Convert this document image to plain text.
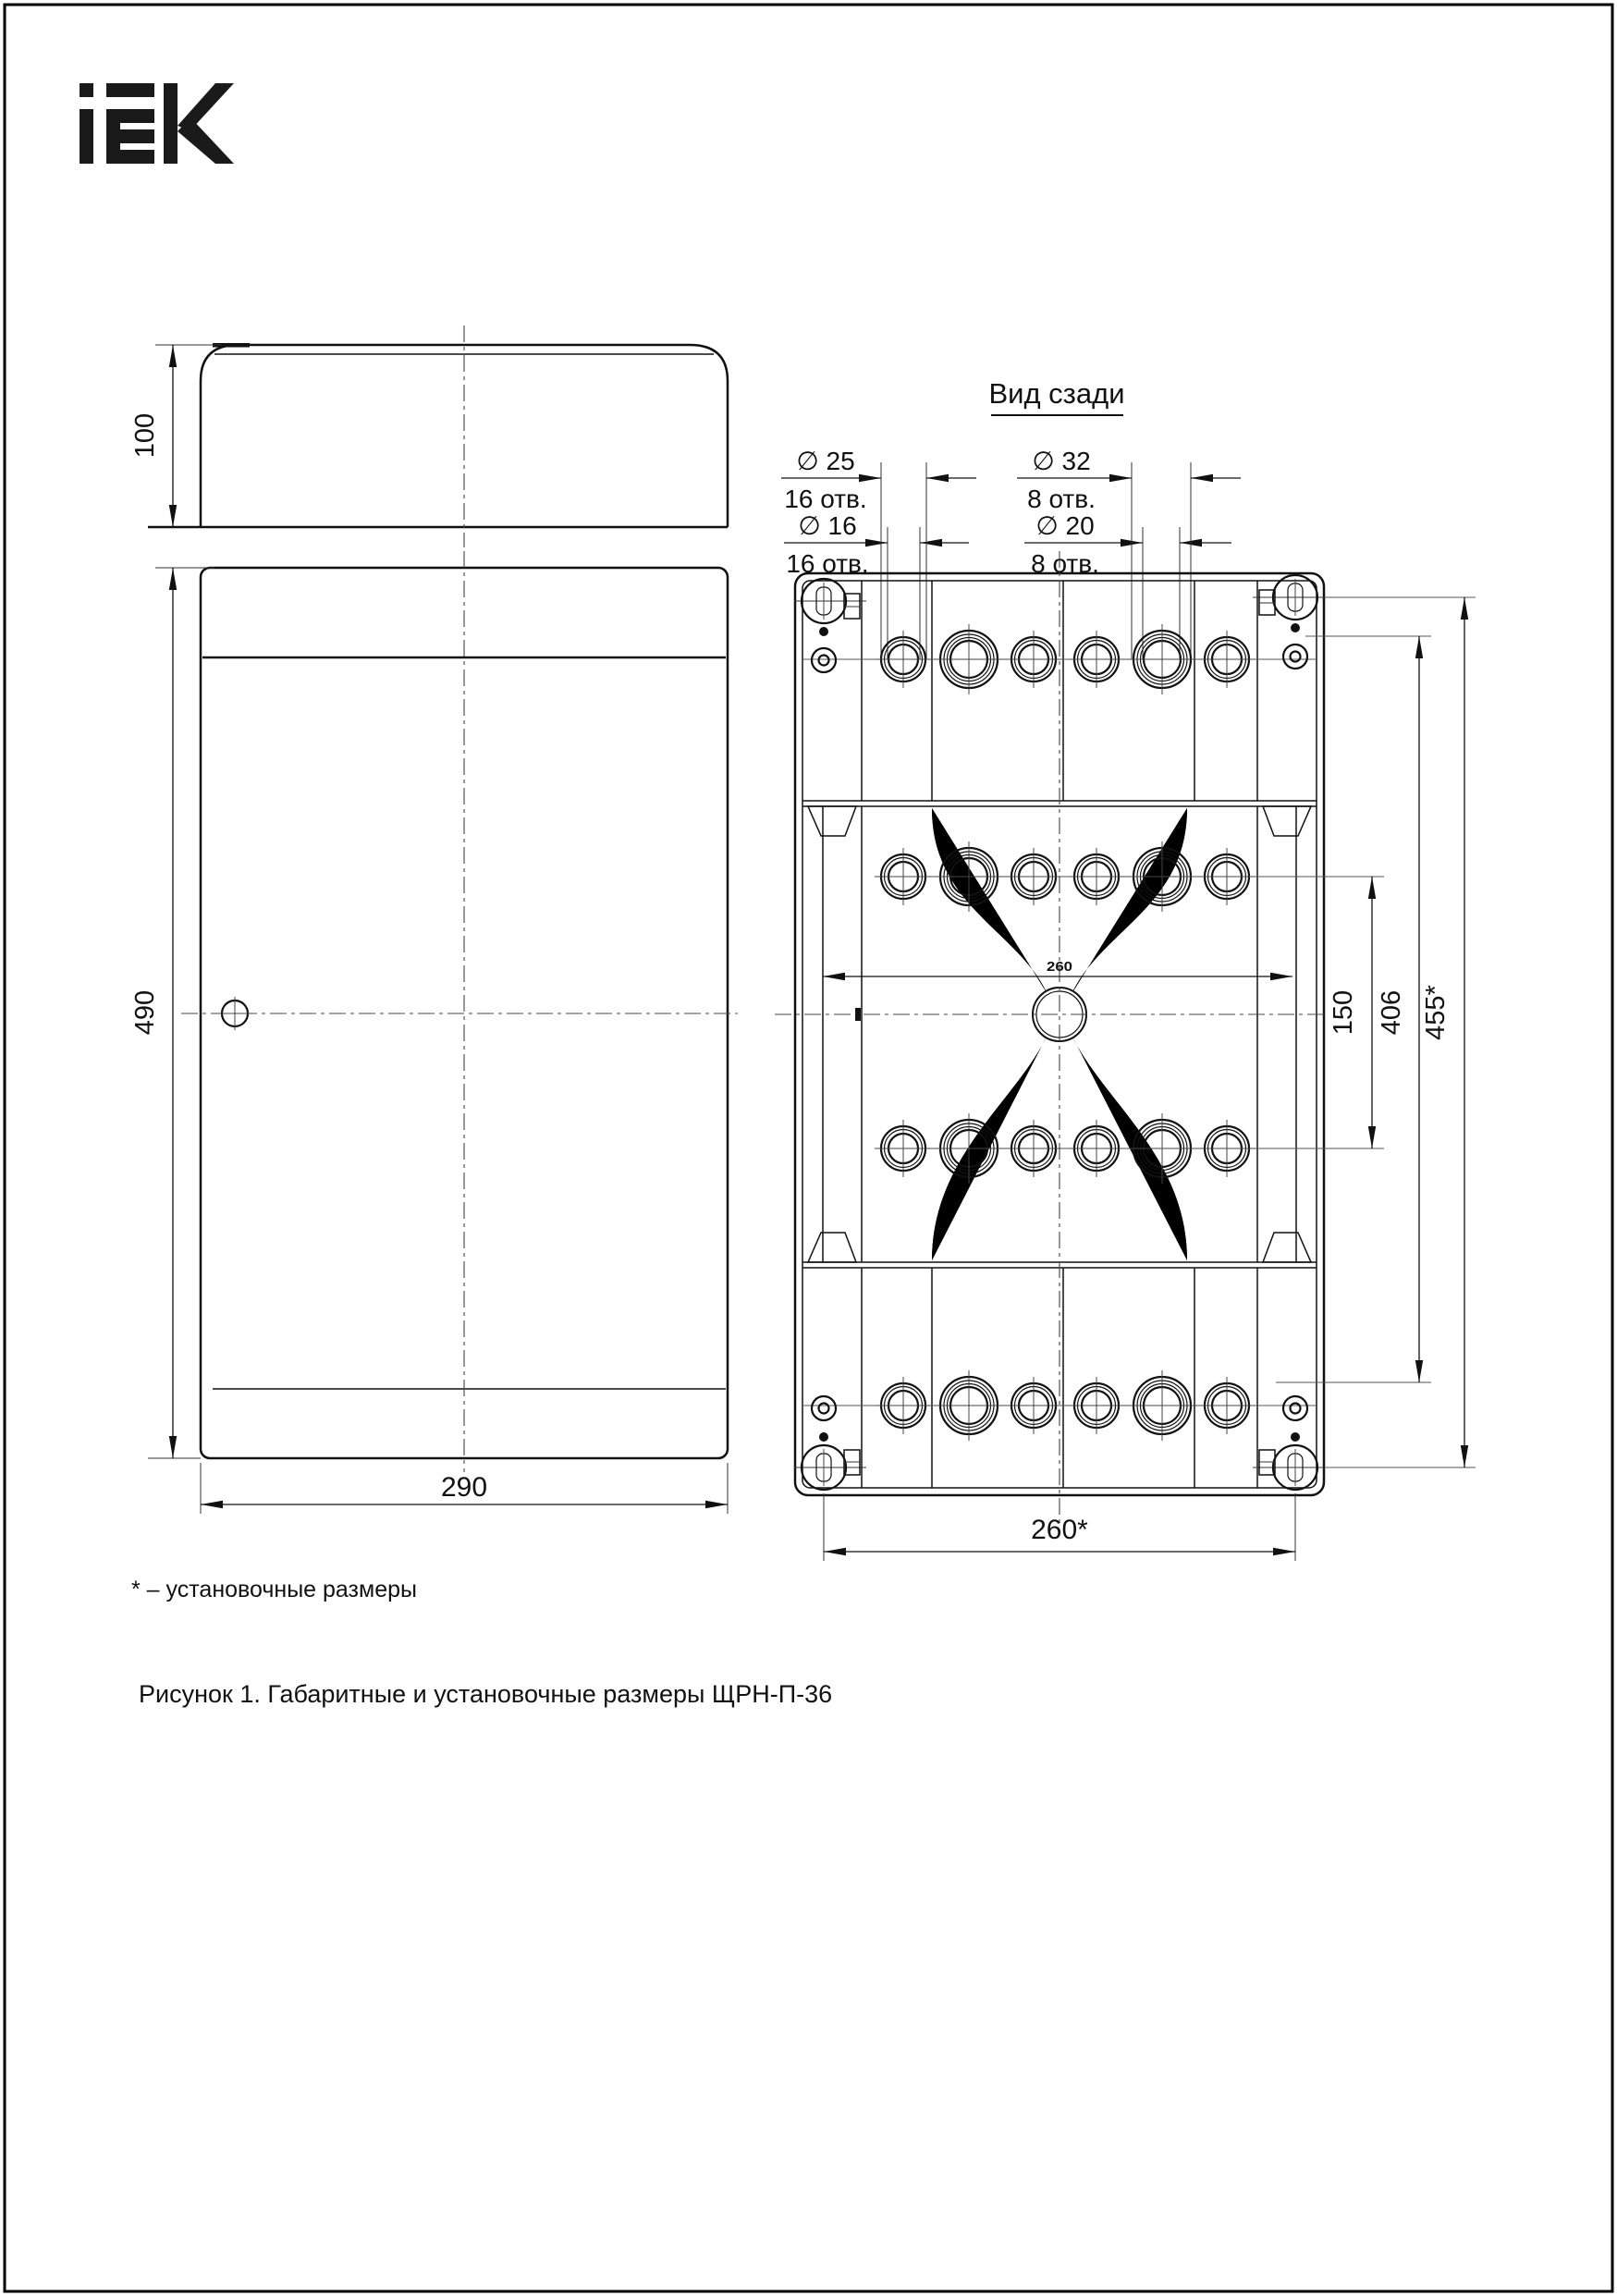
100
490
290
Вид сзади
∅ 25
16 отв.
∅ 16
16 отв.
∅ 32
8 отв.
∅ 20
8 отв.
260
150 406 455*
260*
* – установочные размеры
Рисунок 1. Габаритные и установочные размеры ЩРН-П-36
